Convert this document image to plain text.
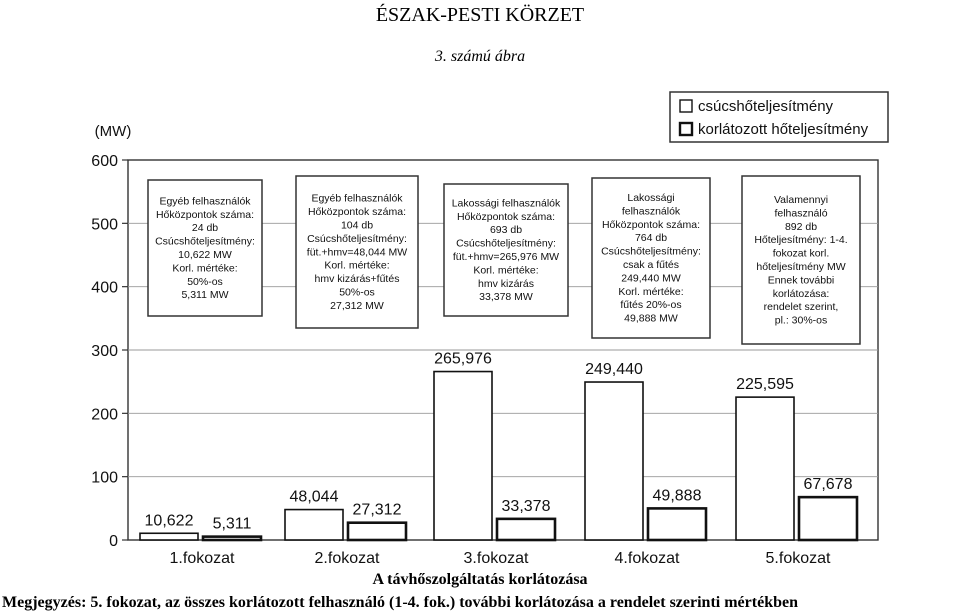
ÉSZAK-PESTI KÖRZET
3. számú ábra
(MW)
0
100
200
300
400
500
600
10,622 5,311
1.fokozat
48,044
27,312
2.fokozat
265,976
33,378
3.fokozat
249,440
49,888
4.fokozat
225,595
67,678
5.fokozat
Egyéb felhasználók
Hőközpontok száma:
24 db
Csúcshőteljesítmény:
10,622 MW
Korl. mértéke:
50%-os
5,311 MW
Egyéb felhasználók
Hőközpontok száma:
104 db
Csúcshőteljesítmény:
füt.+hmv=48,044 MW
Korl. mértéke:
hmv kizárás+fűtés
50%-os
27,312 MW
Lakossági felhasználók
Hőközpontok száma:
693 db
Csúcshőteljesítmény:
füt.+hmv=265,976 MW
Korl. mértéke:
hmv kizárás
33,378 MW
Lakossági
felhasználók
Hőközpontok száma:
764 db
Csúcshőteljesítmény:
csak a fűtés
249,440 MW
Korl. mértéke:
fűtés 20%-os
49,888 MW
Valamennyi
felhasználó
892 db
Hőteljesítmény: 1-4.
fokozat korl.
hőteljesítmény MW
Ennek további
korlátozása:
rendelet szerint,
pl.: 30%-os
csúcshőteljesítmény
korlátozott hőteljesítmény
A távhőszolgáltatás korlátozása
Megjegyzés: 5. fokozat, az összes korlátozott felhasználó (1-4. fok.) további korlátozása a rendelet szerinti mértékben
